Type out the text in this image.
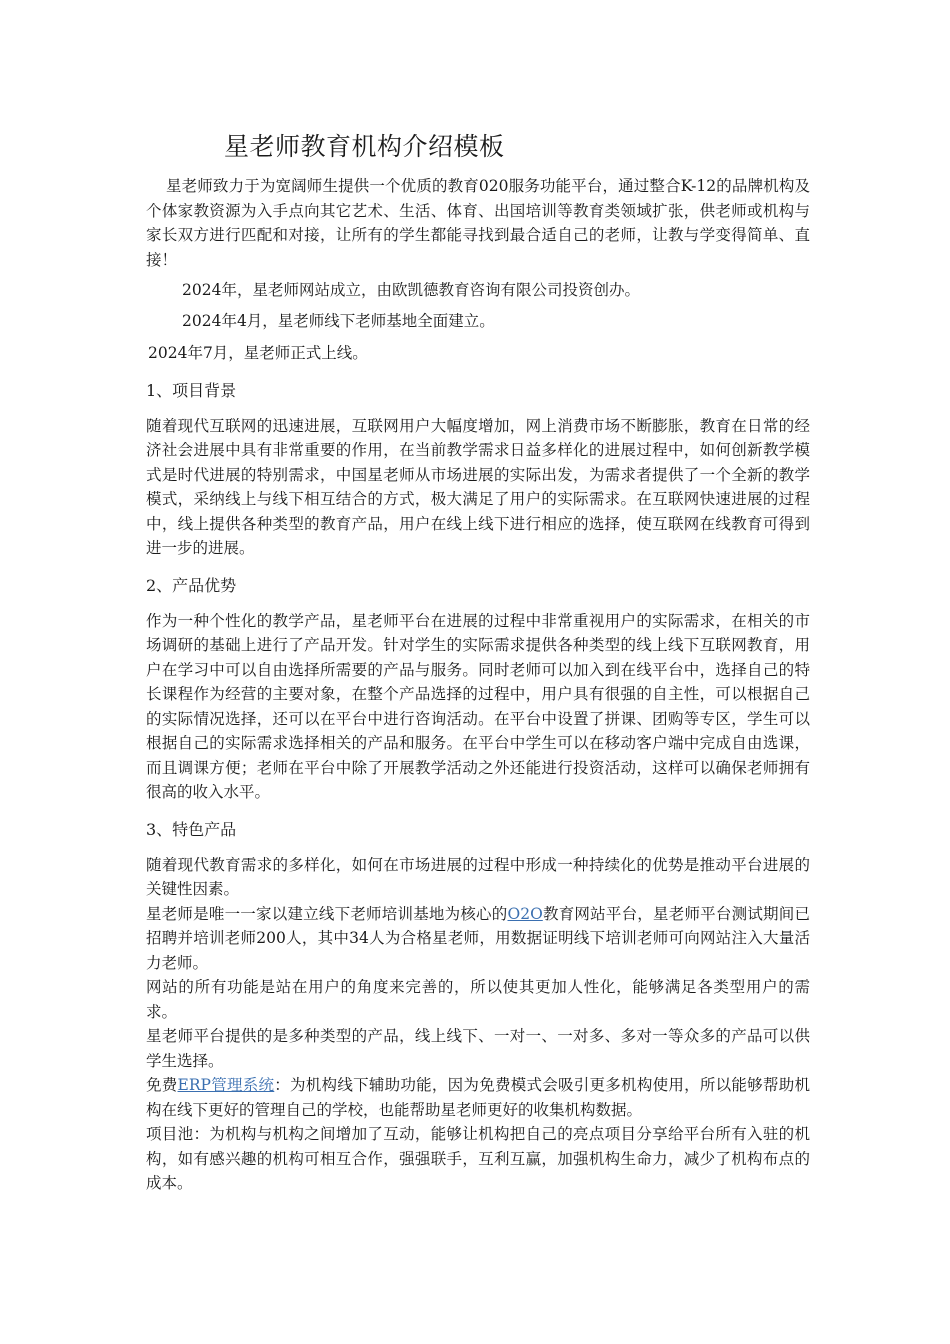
星老师教育机构介绍模板

星老师致力于为宽阔师生提供一个优质的教育020服务功能平台，通过整合K-12的品牌机构及个体家教资源为入手点向其它艺术、生活、体育、出国培训等教育类领域扩张，供老师或机构与家长双方进行匹配和对接，让所有的学生都能寻找到最合适自己的老师，让教与学变得简单、直接！

2024年，星老师网站成立，由欧凯德教育咨询有限公司投资创办。

2024年4月，星老师线下老师基地全面建立。

2024年7月，星老师正式上线。

1、项目背景

随着现代互联网的迅速进展，互联网用户大幅度增加，网上消费市场不断膨胀，教育在日常的经济社会进展中具有非常重要的作用，在当前教学需求日益多样化的进展过程中，如何创新教学模式是时代进展的特别需求，中国星老师从市场进展的实际出发，为需求者提供了一个全新的教学模式，采纳线上与线下相互结合的方式，极大满足了用户的实际需求。在互联网快速进展的过程中，线上提供各种类型的教育产品，用户在线上线下进行相应的选择，使互联网在线教育可得到进一步的进展。

2、产品优势

作为一种个性化的教学产品，星老师平台在进展的过程中非常重视用户的实际需求，在相关的市场调研的基础上进行了产品开发。针对学生的实际需求提供各种类型的线上线下互联网教育，用户在学习中可以自由选择所需要的产品与服务。同时老师可以加入到在线平台中，选择自己的特长课程作为经营的主要对象，在整个产品选择的过程中，用户具有很强的自主性，可以根据自己的实际情况选择，还可以在平台中进行咨询活动。在平台中设置了拼课、团购等专区，学生可以根据自己的实际需求选择相关的产品和服务。在平台中学生可以在移动客户端中完成自由选课，而且调课方便；老师在平台中除了开展教学活动之外还能进行投资活动，这样可以确保老师拥有很高的收入水平。

3、特色产品

随着现代教育需求的多样化，如何在市场进展的过程中形成一种持续化的优势是推动平台进展的关键性因素。

星老师是唯一一家以建立线下老师培训基地为核心的O2O教育网站平台，星老师平台测试期间已招聘并培训老师200人，其中34人为合格星老师，用数据证明线下培训老师可向网站注入大量活力老师。

网站的所有功能是站在用户的角度来完善的，所以使其更加人性化，能够满足各类型用户的需求。

星老师平台提供的是多种类型的产品，线上线下、一对一、一对多、多对一等众多的产品可以供学生选择。

免费ERP管理系统：为机构线下辅助功能，因为免费模式会吸引更多机构使用，所以能够帮助机构在线下更好的管理自己的学校，也能帮助星老师更好的收集机构数据。

项目池：为机构与机构之间增加了互动，能够让机构把自己的亮点项目分享给平台所有入驻的机构，如有感兴趣的机构可相互合作，强强联手，互利互赢，加强机构生命力，减少了机构布点的成本。
